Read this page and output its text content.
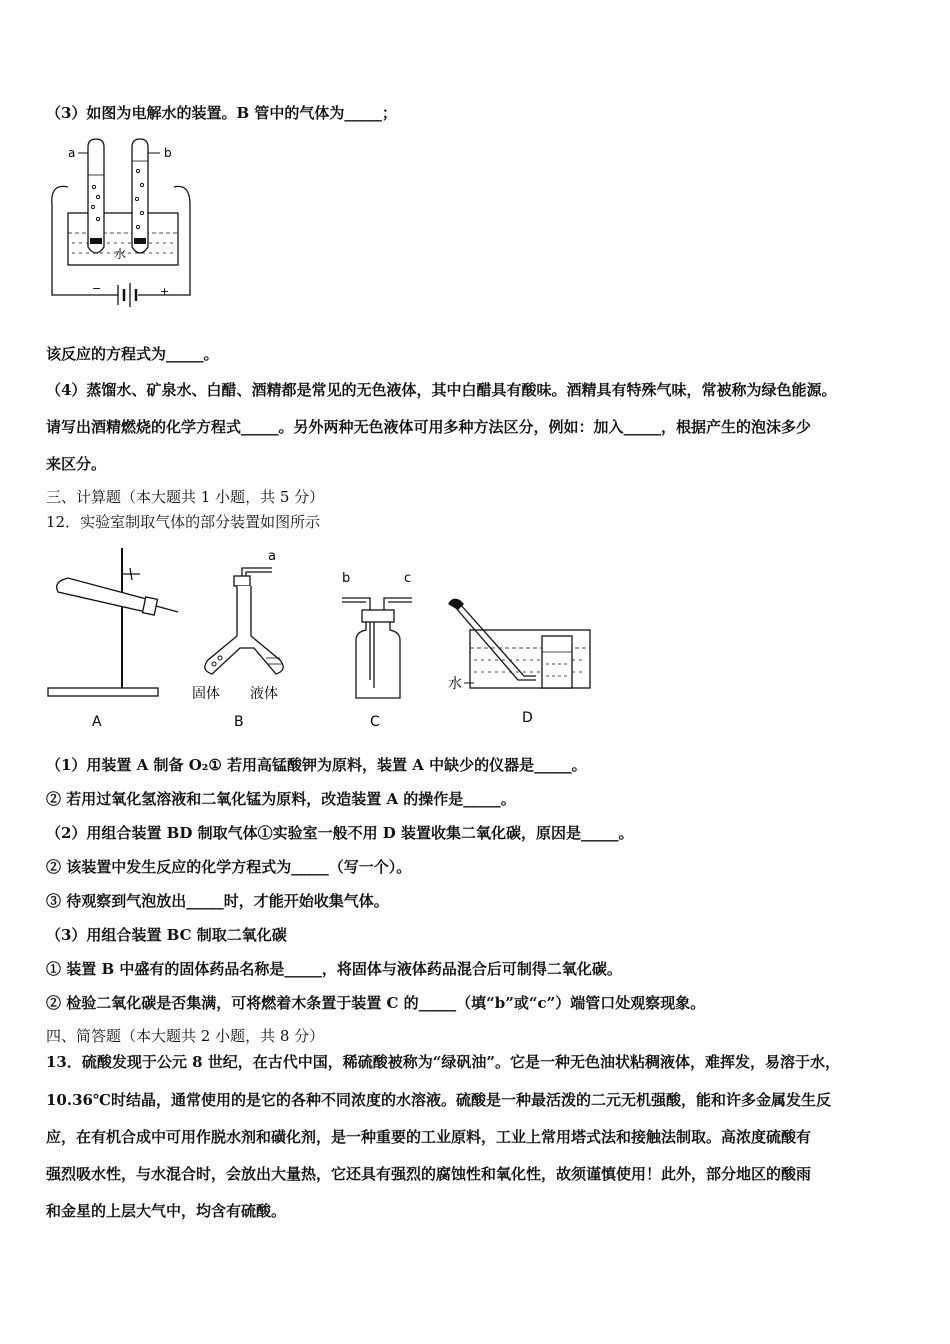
（3）如图为电解水的装置。B 管中的气体为_____；
−	+
a	b
水
该反应的方程式为_____。
（4）蒸馏水、矿泉水、白醋、酒精都是常见的无色液体，其中白醋具有酸味。酒精具有特殊气味，常被称为绿色能源。
请写出酒精燃烧的化学方程式_____。另外两种无色液体可用多种方法区分，例如：加入_____，根据产生的泡沫多少
来区分。
三、计算题（本大题共 1 小题，共 5 分）
12．实验室制取气体的部分装置如图所示
A
a
固体 液体
B
b	c
C
水
D
（1）用装置 A 制备 O₂① 若用高锰酸钾为原料，装置 A 中缺少的仪器是_____。
② 若用过氧化氢溶液和二氧化锰为原料，改造装置 A 的操作是_____。
（2）用组合装置 BD 制取气体①实验室一般不用 D 装置收集二氧化碳，原因是_____。
② 该装置中发生反应的化学方程式为_____（写一个）。
③ 待观察到气泡放出_____时，才能开始收集气体。
（3）用组合装置 BC 制取二氧化碳
① 装置 B 中盛有的固体药品名称是_____，将固体与液体药品混合后可制得二氧化碳。
② 检验二氧化碳是否集满，可将燃着木条置于装置 C 的_____（填“b”或“c”）端管口处观察现象。
四、简答题（本大题共 2 小题，共 8 分）
13．硫酸发现于公元 8 世纪，在古代中国，稀硫酸被称为“绿矾油”。它是一种无色油状粘稠液体，难挥发，易溶于水，
10.36℃时结晶，通常使用的是它的各种不同浓度的水溶液。硫酸是一种最活泼的二元无机强酸，能和许多金属发生反
应，在有机合成中可用作脱水剂和磺化剂，是一种重要的工业原料，工业上常用塔式法和接触法制取。高浓度硫酸有
强烈吸水性，与水混合时，会放出大量热，它还具有强烈的腐蚀性和氧化性，故须谨慎使用！此外，部分地区的酸雨
和金星的上层大气中，均含有硫酸。
